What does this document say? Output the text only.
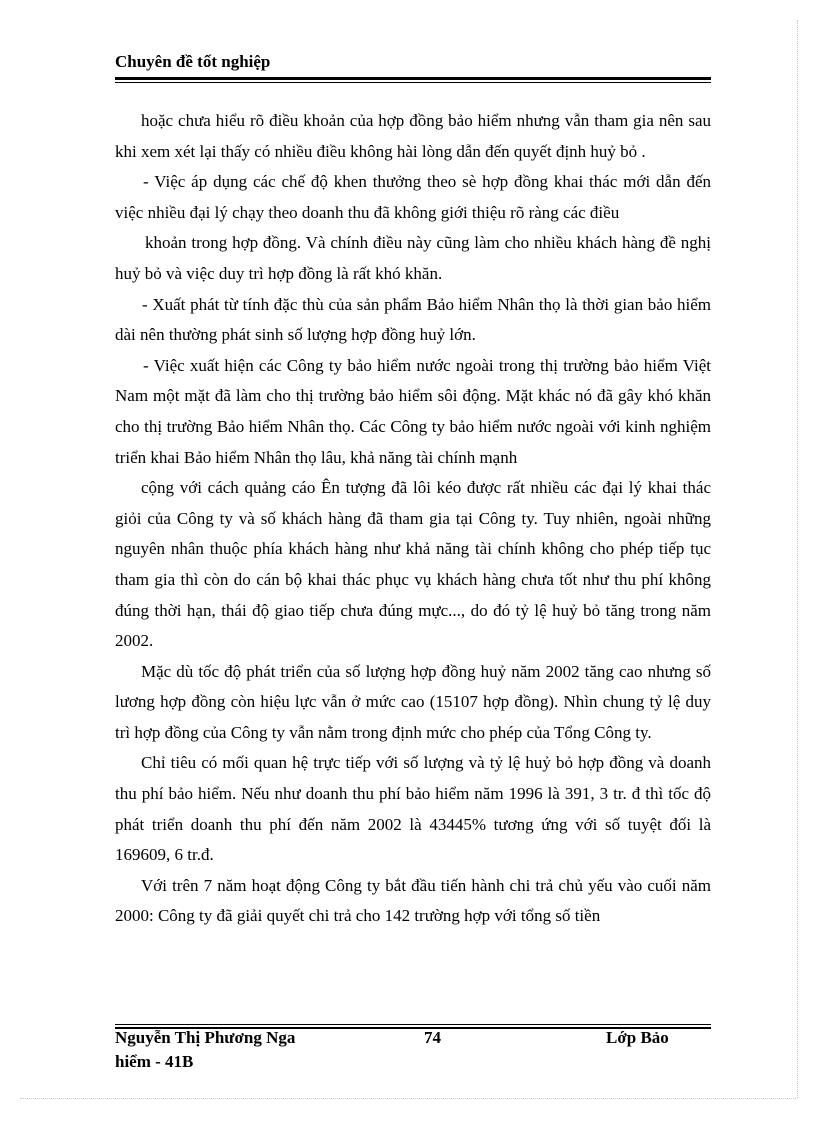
Chuyên đề tốt nghiệp

hoặc chưa hiểu rõ điều khoản của hợp đồng bảo hiểm nhưng vẫn tham gia nên sau khi xem xét lại thấy có nhiều điều không hài lòng dẫn đến quyết định huỷ bỏ .

- Việc áp dụng các chế độ khen thưởng theo sè hợp đồng khai thác mới dẫn đến việc nhiều đại lý chạy theo doanh thu đã không giới thiệu rõ ràng các điều

khoản trong hợp đồng. Và chính điều này cũng làm cho nhiều khách hàng đề nghị huỷ bỏ và việc duy trì hợp đồng là rất khó khăn.

- Xuất phát từ tính đặc thù của sản phẩm Bảo hiểm Nhân thọ là thời gian bảo hiểm dài nên thường phát sinh số lượng hợp đồng huỷ lớn.

- Việc xuất hiện các Công ty bảo hiểm nước ngoài trong thị trường bảo hiểm Việt Nam một mặt đã làm cho thị trường bảo hiểm sôi động. Mặt khác nó đã gây khó khăn cho thị trường Bảo hiểm Nhân thọ. Các Công ty bảo hiểm nước ngoài với kinh nghiệm triển khai Bảo hiểm Nhân thọ lâu, khả năng tài chính mạnh

cộng với cách quảng cáo Ên tượng đã lôi kéo được rất nhiều các đại lý khai thác giỏi của Công ty và số khách hàng đã tham gia tại Công ty. Tuy nhiên, ngoài những nguyên nhân thuộc phía khách hàng như khả năng tài chính không cho phép tiếp tục tham gia thì còn do cán bộ khai thác phục vụ khách hàng chưa tốt như thu phí không đúng thời hạn, thái độ giao tiếp chưa đúng mực..., do đó tỷ lệ huỷ bỏ tăng trong năm 2002.

Mặc dù tốc độ phát triển của số lượng hợp đồng huỷ năm 2002 tăng cao nhưng số lương hợp đồng còn hiệu lực vẫn ở mức cao (15107 hợp đồng). Nhìn chung tỷ lệ duy trì hợp đồng của Công ty vẫn nằm trong định mức cho phép của Tổng Công ty.

Chỉ tiêu có mối quan hệ trực tiếp với số lượng và tỷ lệ huỷ bỏ hợp đồng và doanh thu phí bảo hiểm. Nếu như doanh thu phí bảo hiểm năm 1996 là 391, 3 tr. đ thì tốc độ phát triển doanh thu phí đến năm 2002 là 43445% tương ứng với số tuyệt đối là 169609, 6 tr.đ.

Với trên 7 năm hoạt động Công ty bắt đầu tiến hành chi trả chủ yếu vào cuối năm 2000: Công ty đã giải quyết chi trả cho 142 trường hợp với tổng số tiền

Nguyễn Thị Phương Nga
hiểm - 41B
74	Lớp Bảo
